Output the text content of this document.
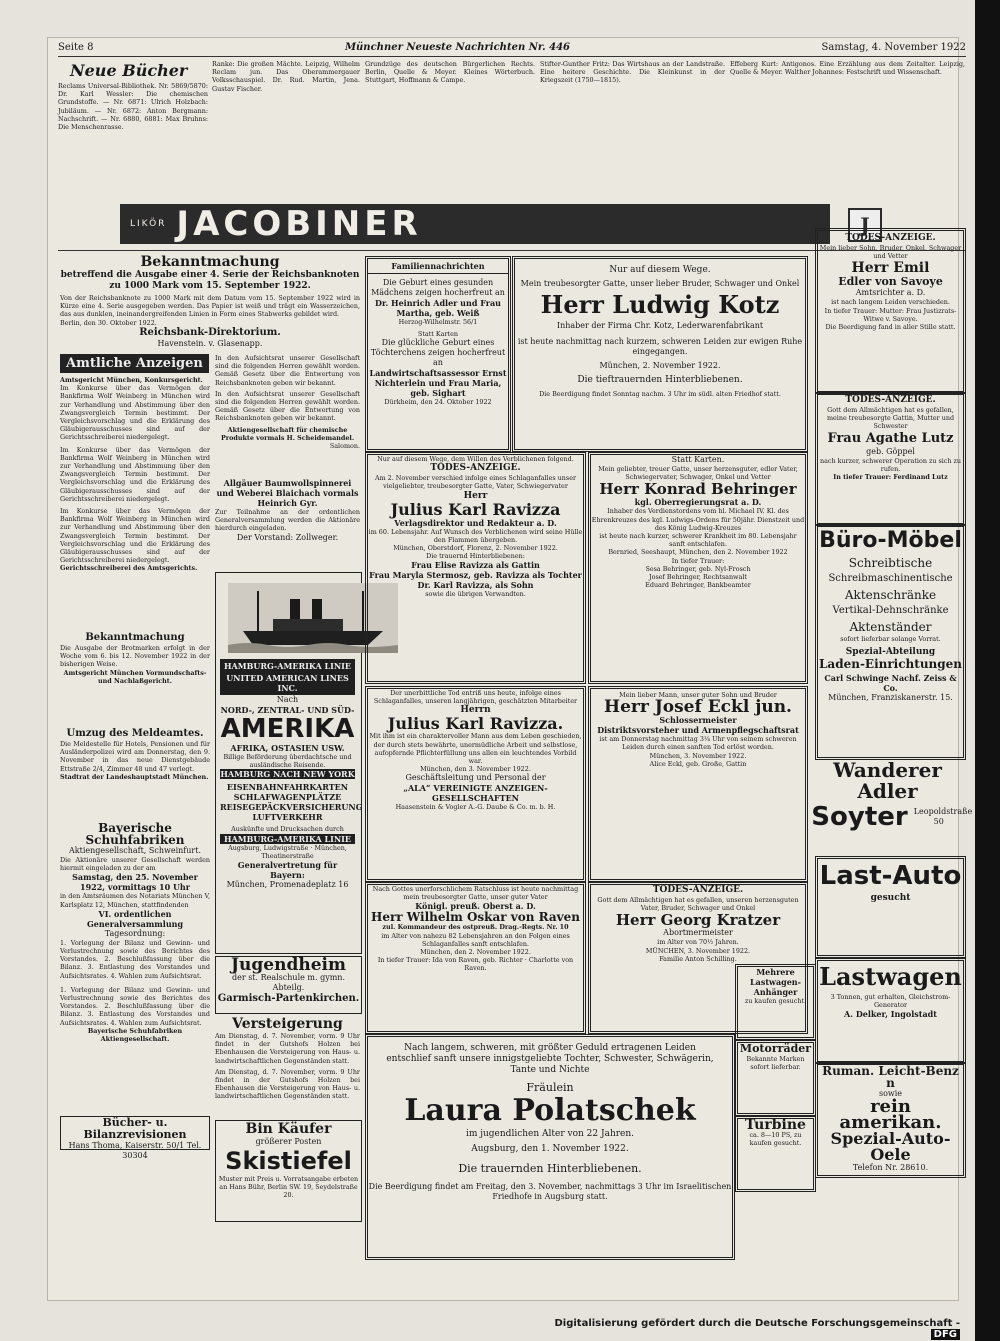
Seite 8	Münchner Neueste Nachrichten Nr. 446	Samstag, 4. November 1922
Neue Bücher
Reclams Universal-Bibliothek. Nr. 5869/5870: Dr. Karl Wessler: Die chemischen Grundstoffe. — Nr. 6871: Ulrich Holzbach: Jubiläum. — Nr. 6872: Anton Bergmann: Nachschrift. — Nr. 6880, 6881: Max Bruhns: Die Menschenrasse.
Ranke: Die großen Mächte. Leipzig, Wilhelm Reclam jun. Das Oberammergauer Volksschauspiel. Dr. Rud. Martin, Jena. Gustav Fischer.
Grundzüge des deutschen Bürgerlichen Rechts. Berlin, Quelle & Meyer. Kleines Wörterbuch. Stuttgart, Hoffmann & Campe.
Stifter-Gunther Fritz: Das Wirtshaus an der Landstraße. Eine heitere Geschichte. Die Kleinkunst in der Kriegszeit (1750—1815).
Effeberg Kurt: Antigonos. Eine Erzählung aus dem Zeitalter. Leipzig, Quelle & Meyer. Walther Johannes: Festschrift und Wissenschaft.
LIKÖR JACOBINER	J
Bekanntmachung
betreffend die Ausgabe einer 4. Serie der Reichsbanknoten zu 1000 Mark vom 15. September 1922.
Von der Reichsbanknote zu 1000 Mark mit dem Datum vom 15. September 1922 wird in Kürze eine 4. Serie ausgegeben werden. Das Papier ist weiß und trägt ein Wasserzeichen, das aus dunklen, ineinandergreifenden Linien in Form eines Stabwerks gebildet wird.
Berlin, den 30. Oktober 1922.
Reichsbank-Direktorium.
Havenstein. v. Glasenapp.
Amtliche Anzeigen
Amtsgericht München, Konkursgericht.
Im Konkurse über das Vermögen der Bankfirma Wolf Weinberg in München wird zur Verhandlung und Abstimmung über den Zwangsvergleich Termin bestimmt. Der Vergleichsvorschlag und die Erklärung des Gläubigerausschusses sind auf der Gerichtsschreiberei niedergelegt.
Im Konkurse über das Vermögen der Bankfirma Wolf Weinberg in München wird zur Verhandlung und Abstimmung über den Zwangsvergleich Termin bestimmt. Der Vergleichsvorschlag und die Erklärung des Gläubigerausschusses sind auf der Gerichtsschreiberei niedergelegt.
Im Konkurse über das Vermögen der Bankfirma Wolf Weinberg in München wird zur Verhandlung und Abstimmung über den Zwangsvergleich Termin bestimmt. Der Vergleichsvorschlag und die Erklärung des Gläubigerausschusses sind auf der Gerichtsschreiberei niedergelegt.
Gerichtsschreiberei des Amtsgerichts.
Bekanntmachung
Die Ausgabe der Brotmarken erfolgt in der Woche vom 6. bis 12. November 1922 in der bisherigen Weise.
Amtsgericht München Vormundschafts- und Nachlaßgericht.
Umzug des Meldeamtes.
Die Meldestelle für Hotels, Pensionen und für Ausländerpolizei wird am Donnerstag, den 9. November in das neue Dienstgebäude Ettstraße 2/4, Zimmer 48 und 47 verlegt.
Stadtrat der Landeshauptstadt München.
Bayerische Schuhfabriken
Aktiengesellschaft, Schweinfurt.
Die Aktionäre unserer Gesellschaft werden hiermit eingeladen zu der am
Samstag, den 25. November 1922, vormittags 10 Uhr
in den Amtsräumen des Notariats München V, Karlsplatz 12, München, stattfindenden
VI. ordentlichen Generalversammlung
Tagesordnung:
1. Vorlegung der Bilanz und Gewinn- und Verlustrechnung sowie des Berichtes des Vorstandes. 2. Beschlußfassung über die Bilanz. 3. Entlastung des Vorstandes und Aufsichtsrates. 4. Wahlen zum Aufsichtsrat.
1. Vorlegung der Bilanz und Gewinn- und Verlustrechnung sowie des Berichtes des Vorstandes. 2. Beschlußfassung über die Bilanz. 3. Entlastung des Vorstandes und Aufsichtsrates. 4. Wahlen zum Aufsichtsrat.
Bayerische Schuhfabriken Aktiengesellschaft.
Bücher- u. Bilanzrevisionen
Hans Thoma, Kaiserstr. 50/1 Tel. 30304
In den Aufsichtsrat unserer Gesellschaft sind die folgenden Herren gewählt worden. Gemäß Gesetz über die Entwertung von Reichsbanknoten geben wir bekannt.
In den Aufsichtsrat unserer Gesellschaft sind die folgenden Herren gewählt worden. Gemäß Gesetz über die Entwertung von Reichsbanknoten geben wir bekannt.
Aktiengesellschaft für chemische Produkte vormals H. Scheidemandel.
Salomon.
Allgäuer Baumwollspinnerei und Weberei Blaichach vormals Heinrich Gyr.
Zur Teilnahme an der ordentlichen Generalversammlung werden die Aktionäre hierdurch eingeladen.
Der Vorstand: Zollweger.
HAMBURG-AMERIKA LINIE
UNITED AMERICAN LINES INC.
Nach
NORD-, ZENTRAL- UND SÜD-
AMERIKA
AFRIKA, OSTASIEN USW.
Billige Beförderung überdachtsche und ausländische Reisende.
HAMBURG NACH NEW YORK
EISENBAHNFAHRKARTEN
SCHLAFWAGENPLÄTZE
REISEGEPÄCKVERSICHERUNG
LUFTVERKEHR
Auskünfte und Drucksachen durch
HAMBURG-AMERIKA LINIE
Augsburg, Ludwigstraße · München, Theatinerstraße
Generalvertretung für Bayern:
München, Promenadeplatz 16
Jugendheim
der st. Realschule m. gymn. Abteilg.
Garmisch-Partenkirchen.
Versteigerung
Am Dienstag, d. 7. November, vorm. 9 Uhr findet in der Gutshofs Holzen bei Ebenhausen die Versteigerung von Haus- u. landwirtschaftlichen Gegenständen statt.
Am Dienstag, d. 7. November, vorm. 9 Uhr findet in der Gutshofs Holzen bei Ebenhausen die Versteigerung von Haus- u. landwirtschaftlichen Gegenständen statt.
Bin Käufer
größerer Posten
Skistiefel
Muster mit Preis u. Vorratsangabe erbeten an Hans Bühr, Berlin SW. 19, Seydelstraße 20.
Familiennachrichten
Die Geburt eines gesunden Mädchens zeigen hocherfreut an
Dr. Heinrich Adler und Frau Martha, geb. Weiß
Herzog-Wilhelmstr. 56/1
Statt Karten
Die glückliche Geburt eines Töchterchens zeigen hocherfreut an
Landwirtschaftsassessor Ernst Nichterlein und Frau Maria, geb. Sighart
Dürkheim, den 24. Oktober 1922
Nur auf diesem Wege.
Mein treubesorgter Gatte, unser lieber Bruder, Schwager und Onkel
Herr Ludwig Kotz
Inhaber der Firma Chr. Kotz, Lederwarenfabrikant
ist heute nachmittag nach kurzem, schweren Leiden zur ewigen Ruhe eingegangen.
München, 2. November 1922.
Die tieftrauernden Hinterbliebenen.
Die Beerdigung findet Sonntag nachm. 3 Uhr im südl. alten Friedhof statt.
TODES-ANZEIGE.
Mein lieber Sohn, Bruder, Onkel, Schwager und Vetter
Herr Emil
Edler von Savoye
Amtsrichter a. D.
ist nach langem Leiden verschieden.
In tiefer Trauer: Mutter: Frau Justizrats-Witwe v. Savoye.
Die Beerdigung fand in aller Stille statt.
TODES-ANZEIGE.
Gott dem Allmächtigen hat es gefallen, meine treubesorgte Gattin, Mutter und Schwester
Frau Agathe Lutz
geb. Göppel
nach kurzer, schwerer Operation zu sich zu rufen.
In tiefer Trauer: Ferdinand Lutz
Büro-Möbel
Schreibtische
Schreibmaschinentische
Aktenschränke
Vertikal-Dehnschränke
Aktenständer
sofort lieferbar solange Vorrat.
Spezial-Abteilung
Laden-Einrichtungen
Carl Schwinge Nachf. Zeiss & Co.
München, Franziskanerstr. 15.
Wanderer
Adler
Soyter Leopoldstraße 50
Last-Auto
gesucht
Lastwagen
3 Tonnen, gut erhalten, Gleichstrom-Generator
A. Delker, Ingolstadt
Ruman. Leicht-Benz n
sowie
rein amerikan.
Spezial-Auto-Oele
Telefon Nr. 28610.
Nur auf diesem Wege, dem Willen des Verblichenen folgend.
TODES-ANZEIGE.
Am 2. November verschied infolge eines Schlaganfalles unser vielgeliebter, treubesorgter Gatte, Vater, Schwiegervater
Herr
Julius Karl Ravizza
Verlagsdirektor und Redakteur a. D.
im 60. Lebensjahr. Auf Wunsch des Verblichenen wird seine Hülle den Flammen übergeben.
München, Oberstdorf, Florenz, 2. November 1922.
Die trauernd Hinterbliebenen:
Frau Elise Ravizza als Gattin
Frau Maryla Stermosz, geb. Ravizza als Tochter
Dr. Karl Ravizza, als Sohn
sowie die übrigen Verwandten.
Statt Karten.
Mein geliebter, treuer Gatte, unser herzensguter, edler Vater, Schwiegervater, Schwager, Onkel und Vetter
Herr Konrad Behringer
kgl. Oberregierungsrat a. D.
Inhaber des Verdienstordens vom hl. Michael IV. Kl. des Ehrenkreuzes des kgl. Ludwigs-Ordens für 50jähr. Dienstzeit und des König Ludwig-Kreuzes
ist heute nach kurzer, schwerer Krankheit im 80. Lebensjahr sanft entschlafen.
Bernried, Seeshaupt, München, den 2. November 1922
In tiefer Trauer:
Sesa Behringer, geb. Nyl-Frosch
Josef Behringer, Rechtsanwalt
Eduard Behringer, Bankbeamter
Der unerbittliche Tod entriß uns heute, infolge eines Schlaganfalles, unseren langjährigen, geschätzten Mitarbeiter
Herrn
Julius Karl Ravizza.
Mit ihm ist ein charaktervoller Mann aus dem Leben geschieden, der durch stets bewährte, unermüdliche Arbeit und selbstlose, aufopfernde Pflichterfüllung uns allen ein leuchtendes Vorbild war.
München, den 3. November 1922.
Geschäftsleitung und Personal der
„ALA“ VEREINIGTE ANZEIGEN-GESELLSCHAFTEN
Haasenstein & Vogler A.-G. Daube & Co. m. b. H.
Mein lieber Mann, unser guter Sohn und Bruder
Herr Josef Eckl jun.
Schlossermeister
Distriktsvorsteher und Armenpflegschaftsrat
ist am Donnerstag nachmittag 3¼ Uhr von seinem schweren Leiden durch einen sanften Tod erlöst worden.
München, 3. November 1922.
Alice Eckl, geb. Große, Gattin
Nach Gottes unerforschlichem Ratschluss ist heute nachmittag mein treubesorgter Gatte, unser guter Vater
Königl. preuß. Oberst a. D.
Herr Wilhelm Oskar von Raven
zul. Kommandeur des ostpreuß. Drag.-Regts. Nr. 10
im Alter von nahezu 82 Lebensjahren an den Folgen eines Schlaganfalles sanft entschlafen.
München, den 2. November 1922.
In tiefer Trauer: Ida von Raven, geb. Richter · Charlotte von Raven.
TODES-ANZEIGE.
Gott dem Allmächtigen hat es gefallen, unseren herzensguten Vater, Bruder, Schwager und Onkel
Herr Georg Kratzer
Abortmermeister
im Alter von 70½ Jahren.
MÜNCHEN, 3. November 1922.
Familie Anton Schilling.
Nach langem, schweren, mit größter Geduld ertragenen Leiden
entschlief sanft unsere innigstgeliebte Tochter, Schwester, Schwägerin,
Tante und Nichte
Fräulein
Laura Polatschek
im jugendlichen Alter von 22 Jahren.
Augsburg, den 1. November 1922.
Die trauernden Hinterbliebenen.
Die Beerdigung findet am Freitag, den 3. November, nachmittags 3 Uhr im Israelitischen Friedhofe in Augsburg statt.
Mehrere Lastwagen-Anhänger
zu kaufen gesucht.
Motorräder
Bekannte Marken sofort lieferbar.
Turbine
ca. 8—10 PS, zu kaufen gesucht.
Digitalisierung gefördert durch die Deutsche Forschungsgemeinschaft - DFG
